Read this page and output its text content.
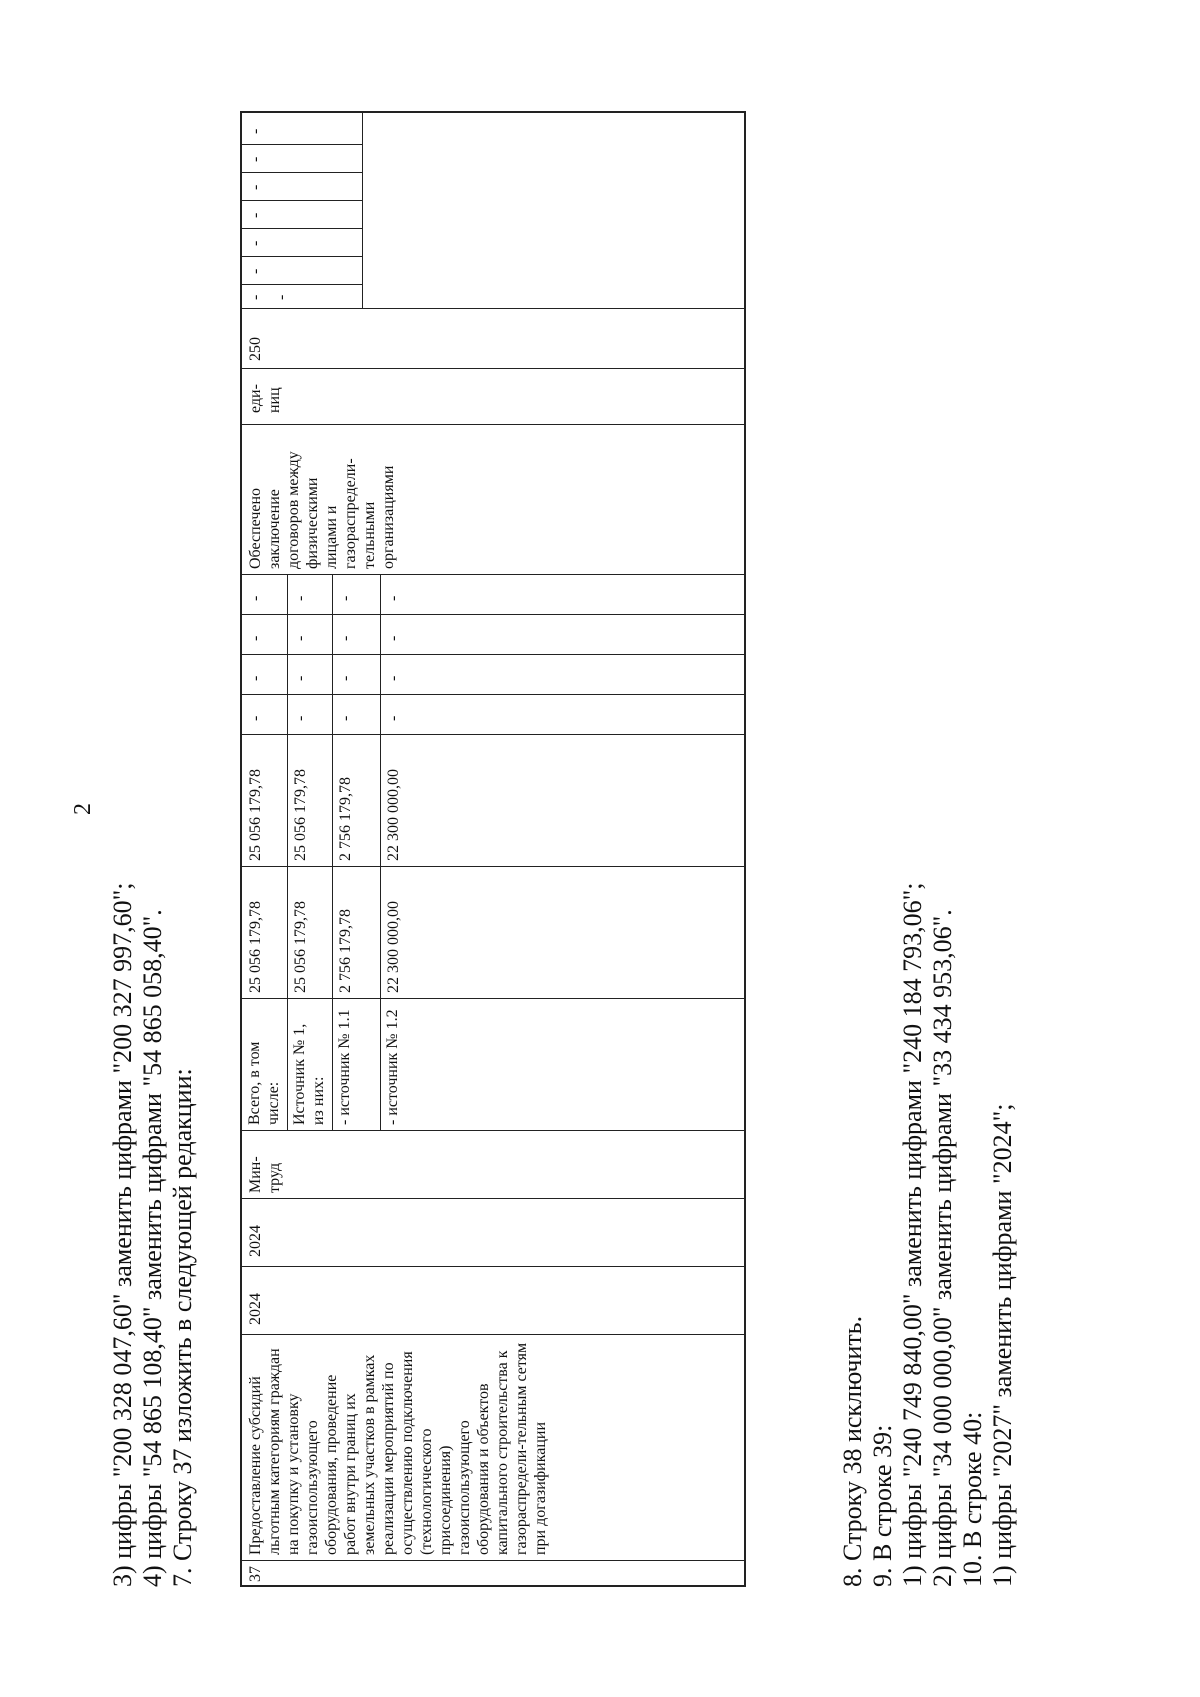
2
3) цифры "200 328 047,60" заменить цифрами "200 327 997,60"; 4) цифры "54 865 108,40" заменить цифрами "54 865 058,40". 7. Строку 37 изложить в следующей редакции:	37
Предоставление субсидий льготным категориям граждан на покупку и установку газоиспользующего оборудования, проведение работ внутри границ их земельных участков в рамках реализации мероприятий по осуществлению подключения (технологического присоединения) газоиспользующего оборудования и объектов капитального строительства к газораспредели-тельным сетям при догазификации
2024
2024
Мин-труд
Всего, в том числе:
25 056 179,78
25 056 179,78
Источник № 1, из них:
25 056 179,78
25 056 179,78
- источник № 1.1
2 756 179,78
2 756 179,78
- источник № 1.2
22 300 000,00
22 300 000,00
-
-
-
-
-
-
-
-
-
-
-
-
-
-
-
-
Обеспечено заключение договоров между физическими лицами и газораспредели-тельными организациями
еди-ниц
250
-
-
-
-
-
-
-
-
8. Строку 38 исключить. 9. В строке 39: 1) цифры "240 749 840,00" заменить цифрами "240 184 793,06"; 2) цифры "34 000 000,00" заменить цифрами "33 434 953,06". 10. В строке 40: 1) цифры "2027" заменить цифрами "2024";
